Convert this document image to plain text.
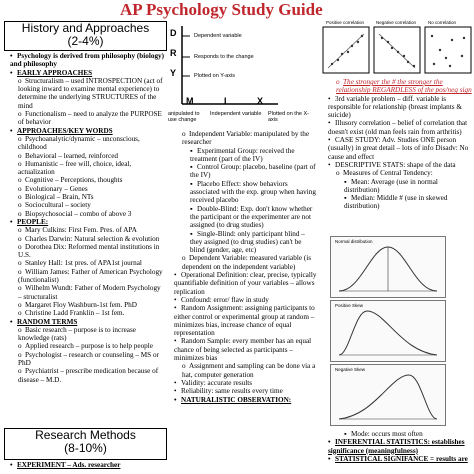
AP Psychology Study Guide
History and Approaches
(2-4%)
• Psychology is derived from philosophy (biology) and philosophy
• EARLY APPROACHES
o Structuralism – used INTROSPECTION (act of looking inward to examine mental experience) to determine the underlying STRUCTURES of the mind
o Functionalism – need to analyze the PURPOSE of behavior
• APPROACHES/KEY WORDS
o Psychoanalytic/dynamic – unconscious, childhood
o Behavioral – learned, reinforced
o Humanistic – free will, choice, ideal, actualization
o Cognitive – Perceptions, thoughts
o Evolutionary – Genes
o Biological – Brain, NTs
o Sociocultural – society
o Biopsychosocial – combo of above 3
• PEOPLE:
o Mary Culkins: First Fem. Pres. of APA
o Charles Darwin: Natural selection & evolution
o Dorothea Dix: Reformed mental institutions in U.S.
o Stanley Hall: 1st pres. of APA1st journal
o William James: Father of American Psychology (functionalist)
o Wilhelm Wundt: Father of Modern Psychology – structuralist
o Margaret Floy Washburn-1st fem. PhD
o Christine Ladd Franklin – 1st fem.
• RANDOM TERMS
o Basic research – purpose is to increase knowledge (rats)
o Applied research – purpose is to help people
o Psychologist – research or counseling – MS or PhD
o Psychiatrist – prescribe medication because of disease – M.D.
Research Methods
(8-10%)
• EXPERIMENT – Ads. researcher
D
R
Y
Dependent variable
Responds to the change
Plotted on Y-axis
M I X
anipulated to use change
Independent variable Plotted on the X-axis
o Independent Variable: manipulated by the researcher
▪ Experimental Group: received the treatment (part of the IV)
▪ Control Group: placebo, baseline (part of the IV)
▪ Placebo Effect: show behaviors associated with the exp. group when having received placebo
▪ Double-Blind: Exp. don't know whether the participant or the experimenter are not assigned (to drug studies)
▪ Single-Blind: only participant blind – they assigned (to drug studies) can't be blind (gender, age, etc)
o Dependent Variable: measured variable (is dependent on the independent variable)
• Operational Definition: clear, precise, typically quantifiable definition of your variables – allows replication
• Confound: error/ flaw in study
• Random Assignment: assigning participants to either control or experimental group at random – minimizes bias, increase chance of equal representation
• Random Sample: every member has an equal chance of being selected as participants – minimizes bias
o Assignment and sampling can be done via a hat, computer generation
• Validity: accurate results
• Reliability: same results every time
• NATURALISTIC OBSERVATION:
Positive correlation	Negative correlation	No correlation
o The stronger the # the stronger the relationship REGARDLESS of the pos/neg sign
• 3rd variable problem – diff. variable is responsible for relationship (breast implants & suicide)
• Illusory correlation – belief of correlation that doesn't exist (old man feels rain from arthritis)
• CASE STUDY: Adv. Studies ONE person (usually) in great detail – lots of info Disadv: No cause and effect
• DESCRIPTIVE STATS: shape of the data
o Measures of Central Tendency:
▪ Mean: Average (use in normal distribution)
▪ Median: Middle # (use in skewed distribution)
Normal distribution
Positive Skew
Negative Skew
▪ Mode: occurs most often
• INFERENTIAL STATISTICS: establishes significance (meaningfulness)
• STATISTICAL SIGNIFANCE = results are
